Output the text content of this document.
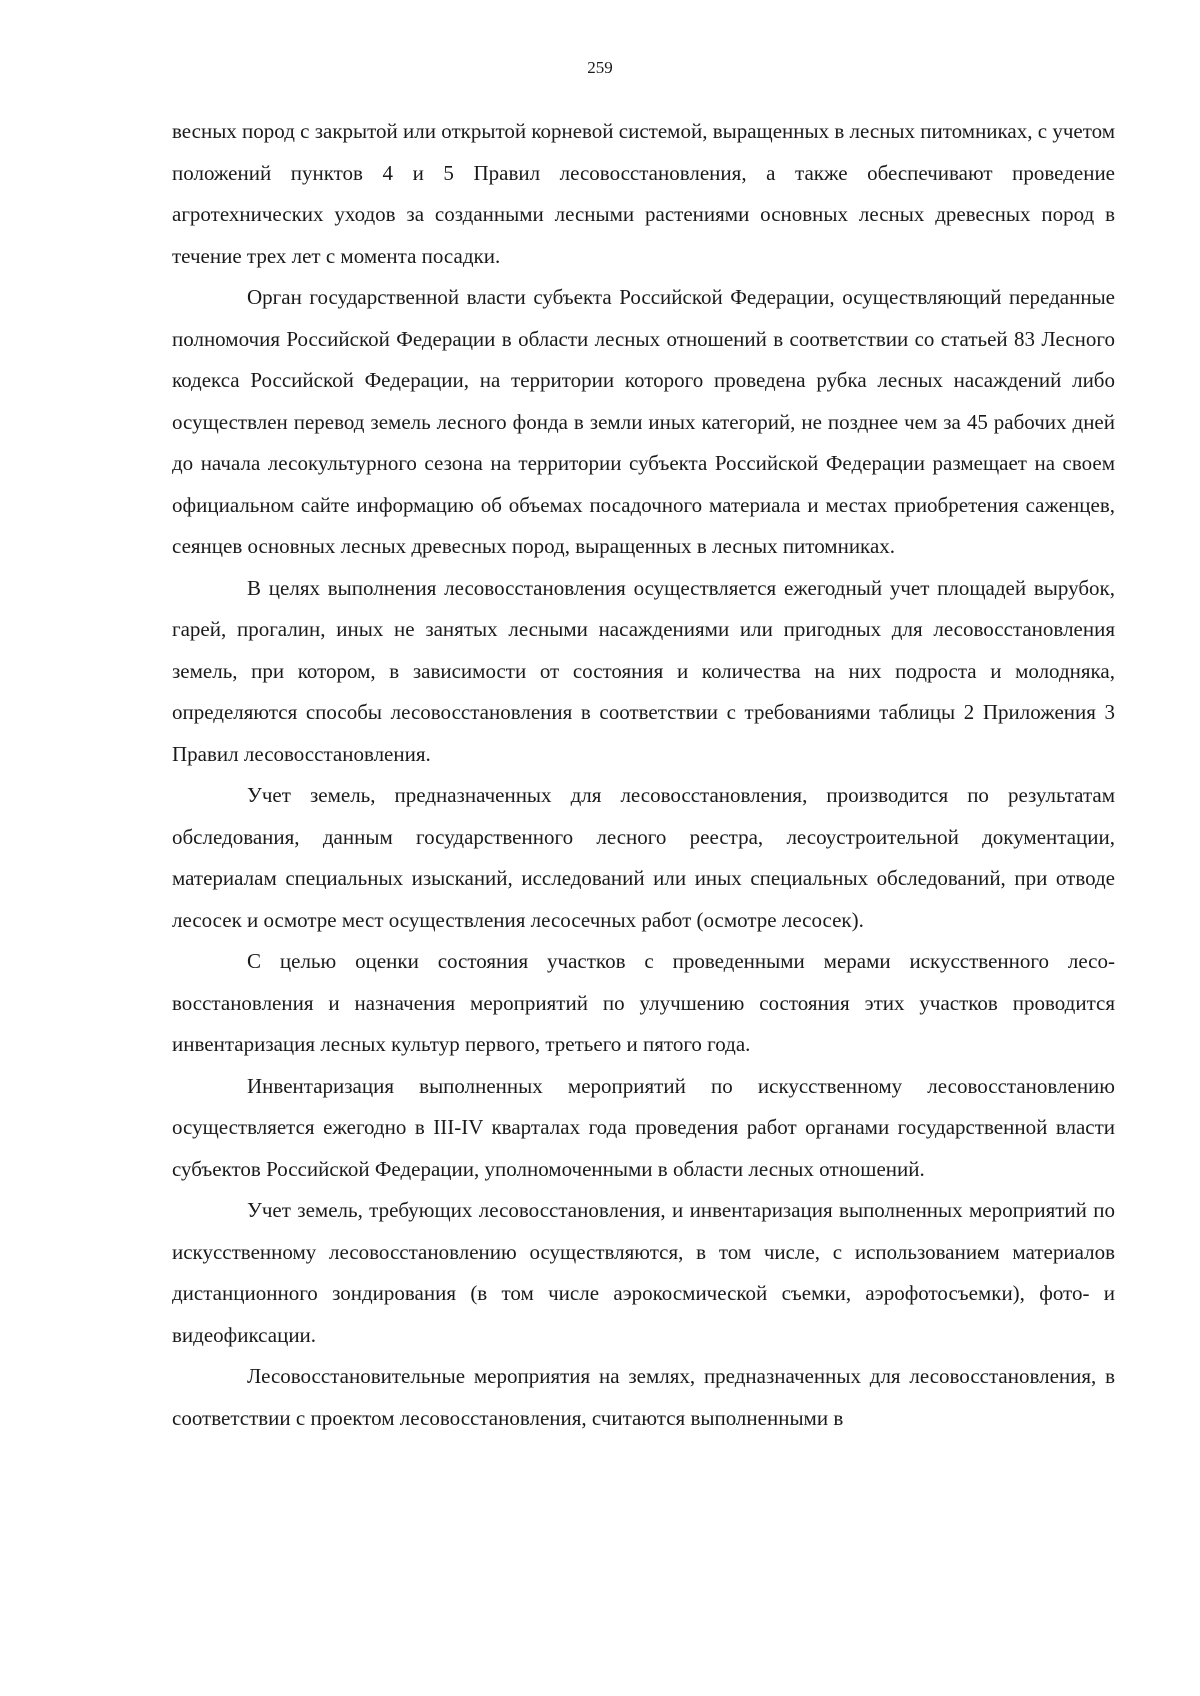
259

весных пород с закрытой или открытой корневой системой, выращенных в лесных питомниках, с учетом положений пунктов 4 и 5 Правил лесовосстановления, а также обеспечивают проведение агротехнических уходов за созданными лесными растениями основных лесных древесных пород в течение трех лет с момента посадки.

Орган государственной власти субъекта Российской Федерации, осуществляющий переданные полномочия Российской Федерации в области лесных отношений в соответствии со статьей 83 Лесного кодекса Российской Федерации, на территории которого проведена рубка лесных насаждений либо осуществлен перевод земель лесного фонда в земли иных категорий, не позднее чем за 45 рабочих дней до начала лесокультурного сезона на территории субъекта Российской Федерации размещает на своем официальном сайте информацию об объемах посадочного материала и местах приобретения саженцев, сеянцев основных лесных древесных пород, выращенных в лесных питомниках.

В целях выполнения лесовосстановления осуществляется ежегодный учет площадей вырубок, гарей, прогалин, иных не занятых лесными насаждениями или пригодных для лесовосстановления земель, при котором, в зависимости от состояния и количества на них подроста и молодняка, определяются способы лесовосстановления в соответствии с требованиями таблицы 2 Приложения 3 Правил лесовосстановления.

Учет земель, предназначенных для лесовосстановления, производится по результатам обследования, данным государственного лесного реестра, лесоустроительной документации, материалам специальных изысканий, исследований или иных специальных обследований, при отводе лесосек и осмотре мест осуществления лесосечных работ (осмотре лесосек).

С целью оценки состояния участков с проведенными мерами искусственного лесовосстановления и назначения мероприятий по улучшению состояния этих участков проводится инвентаризация лесных культур первого, третьего и пятого года.

Инвентаризация выполненных мероприятий по искусственному лесовосстановлению осуществляется ежегодно в III-IV кварталах года проведения работ органами государственной власти субъектов Российской Федерации, уполномоченными в области лесных отношений.

Учет земель, требующих лесовосстановления, и инвентаризация выполненных мероприятий по искусственному лесовосстановлению осуществляются, в том числе, с использованием материалов дистанционного зондирования (в том числе аэрокосмической съемки, аэрофотосъемки), фото- и видеофиксации.

Лесовосстановительные мероприятия на землях, предназначенных для лесовосстановления, в соответствии с проектом лесовосстановления, считаются выполненными в
